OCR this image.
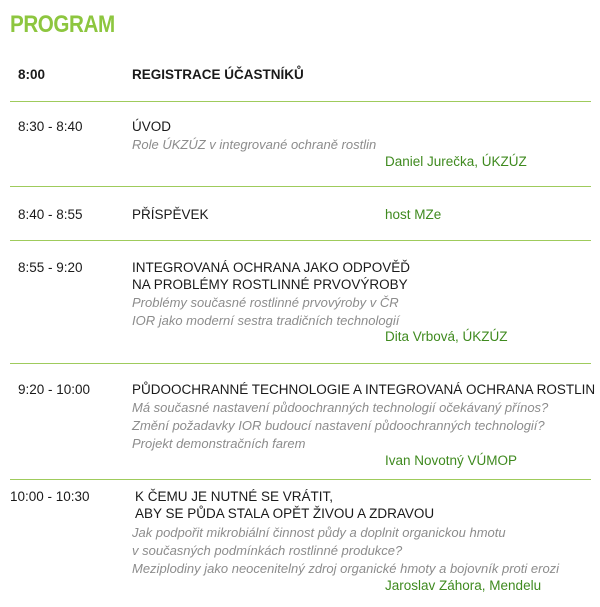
PROGRAM
8:00	REGISTRACE ÚČASTNÍKŮ
8:30 - 8:40	ÚVOD
Role ÚKZÚZ v integrované ochraně rostlin
Daniel Jurečka, ÚKZÚZ
8:40 - 8:55	PŘÍSPĚVEK	host MZe
8:55 - 9:20	INTEGROVANÁ OCHRANA JAKO ODPOVĚĎ
NA PROBLÉMY ROSTLINNÉ PRVOVÝROBY
Problémy současné rostlinné prvovýroby v ČR
IOR jako moderní sestra tradičních technologií
Dita Vrbová, ÚKZÚZ
9:20 - 10:00	PŮDOOCHRANNÉ TECHNOLOGIE A INTEGROVANÁ OCHRANA ROSTLIN
Má současné nastavení půdoochranných technologií očekávaný přínos?
Změní požadavky IOR budoucí nastavení půdoochranných technologií?
Projekt demonstračních farem
Ivan Novotný VÚMOP
10:00 - 10:30	K ČEMU JE NUTNÉ SE VRÁTIT,
ABY SE PŮDA STALA OPĚT ŽIVOU A ZDRAVOU
Jak podpořit mikrobiální činnost půdy a doplnit organickou hmotu
v současných podmínkách rostlinné produkce?
Meziplodiny jako neocenitelný zdroj organické hmoty a bojovník proti erozi
Jaroslav Záhora, Mendelu
